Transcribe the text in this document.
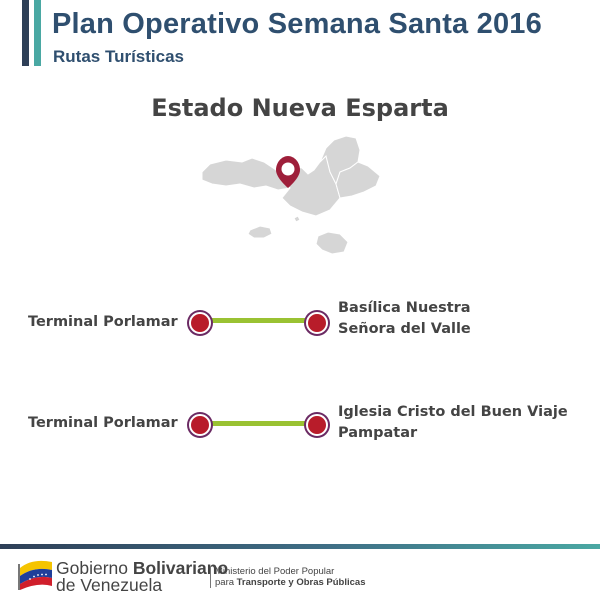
Plan Operativo Semana Santa 2016
Rutas Turísticas
Estado Nueva Esparta
Terminal Porlamar
Basílica Nuestra
Señora del Valle
Terminal Porlamar
Iglesia Cristo del Buen Viaje
Pampatar
Gobierno Bolivariano
de Venezuela
Ministerio del Poder Popular
para Transporte y Obras Públicas
